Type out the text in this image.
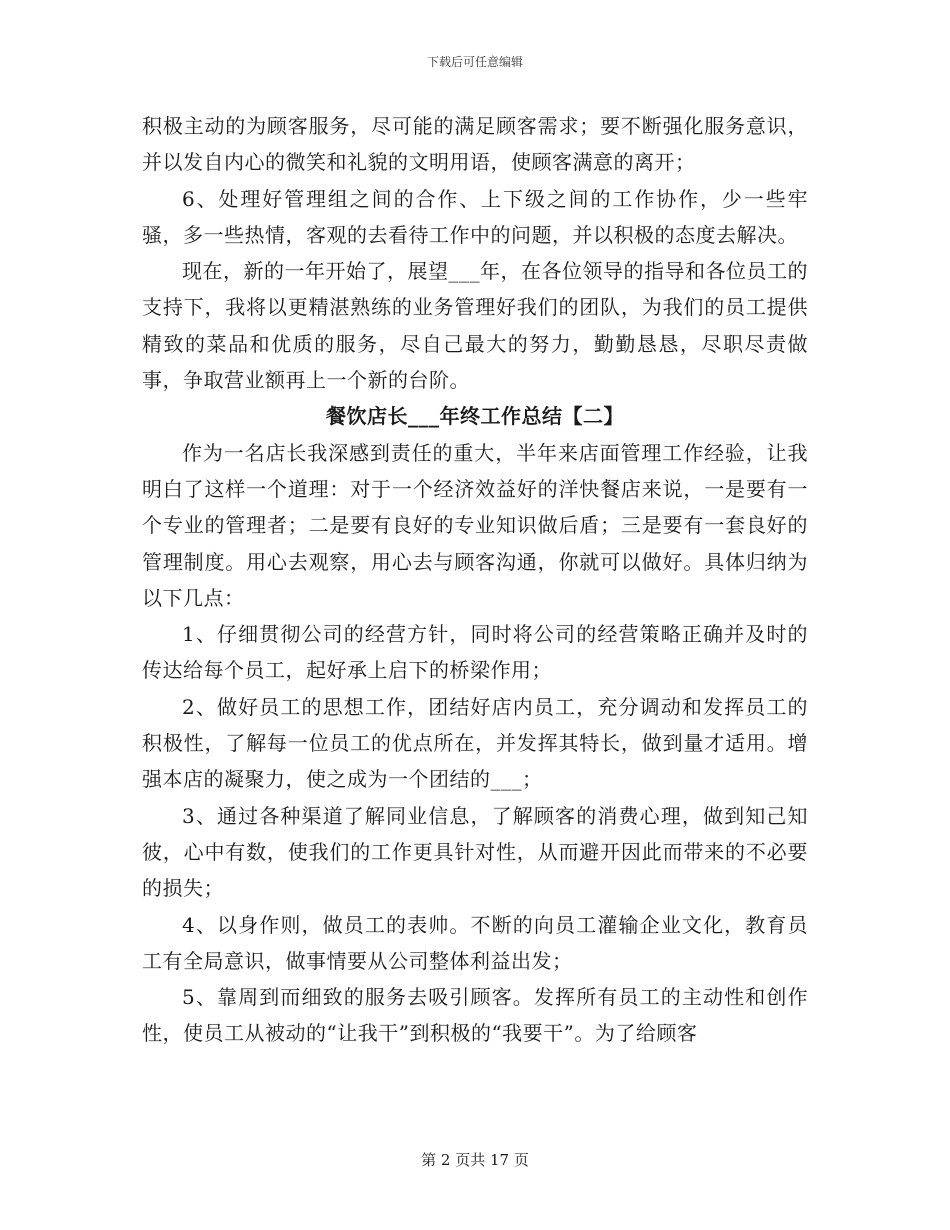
下载后可任意编辑

积极主动的为顾客服务，尽可能的满足顾客需求；要不断强化服务意识，并以发自内心的微笑和礼貌的文明用语，使顾客满意的离开；

6、处理好管理组之间的合作、上下级之间的工作协作，少一些牢骚，多一些热情，客观的去看待工作中的问题，并以积极的态度去解决。

现在，新的一年开始了，展望___年，在各位领导的指导和各位员工的支持下，我将以更精湛熟练的业务管理好我们的团队，为我们的员工提供精致的菜品和优质的服务，尽自己最大的努力，勤勤恳恳，尽职尽责做事，争取营业额再上一个新的台阶。

餐饮店长___年终工作总结【二】

作为一名店长我深感到责任的重大，半年来店面管理工作经验，让我明白了这样一个道理：对于一个经济效益好的洋快餐店来说，一是要有一个专业的管理者；二是要有良好的专业知识做后盾；三是要有一套良好的管理制度。用心去观察，用心去与顾客沟通，你就可以做好。具体归纳为以下几点：

1、仔细贯彻公司的经营方针，同时将公司的经营策略正确并及时的传达给每个员工，起好承上启下的桥梁作用；

2、做好员工的思想工作，团结好店内员工，充分调动和发挥员工的积极性，了解每一位员工的优点所在，并发挥其特长，做到量才适用。增强本店的凝聚力，使之成为一个团结的___；

3、通过各种渠道了解同业信息，了解顾客的消费心理，做到知己知彼，心中有数，使我们的工作更具针对性，从而避开因此而带来的不必要的损失；

4、以身作则，做员工的表帅。不断的向员工灌输企业文化，教育员工有全局意识，做事情要从公司整体利益出发；

5、靠周到而细致的服务去吸引顾客。发挥所有员工的主动性和创作性，使员工从被动的“让我干”到积极的“我要干”。为了给顾客

第 2 页共 17 页
